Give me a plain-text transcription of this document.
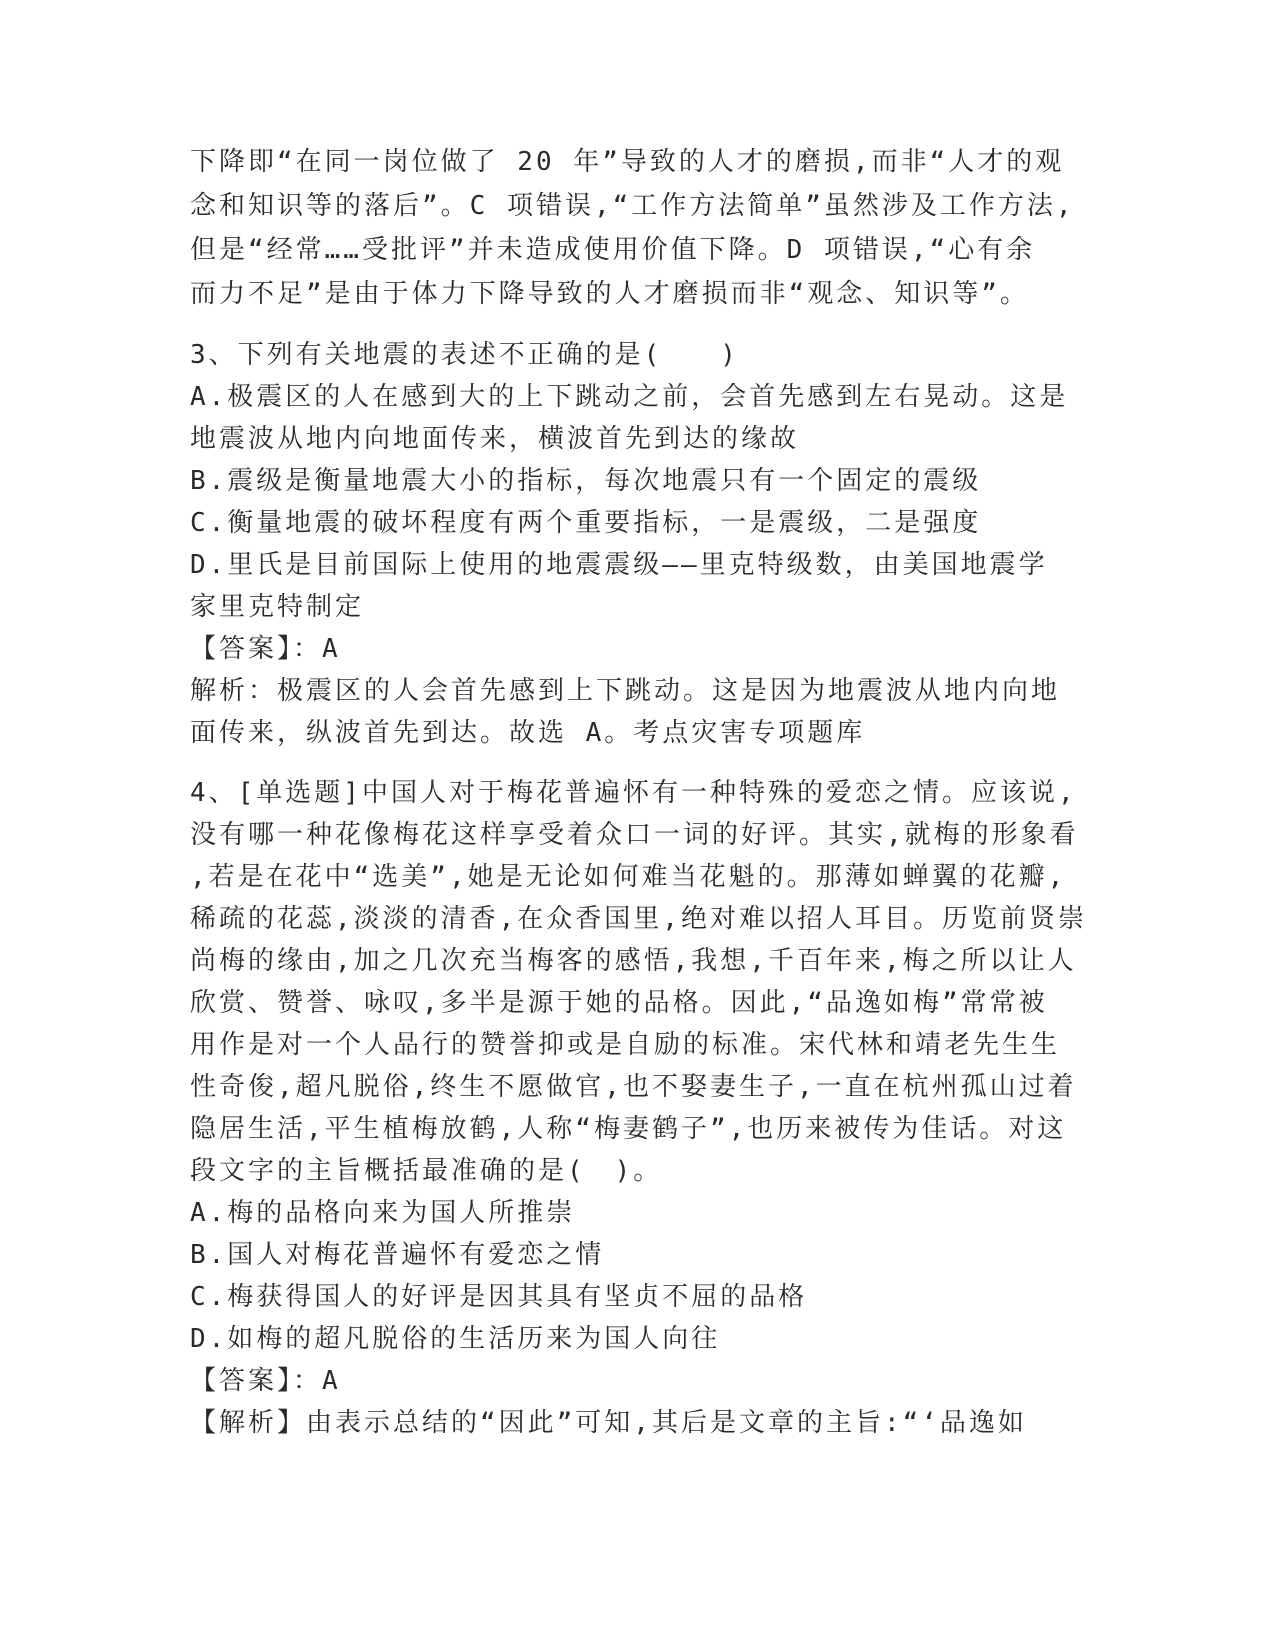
下降即“在同一岗位做了 20 年”导致的人才的磨损,而非“人才的观

念和知识等的落后”。C 项错误,“工作方法简单”虽然涉及工作方法,

但是“经常……受批评”并未造成使用价值下降。D 项错误,“心有余

而力不足”是由于体力下降导致的人才磨损而非“观念、知识等”。

3、下列有关地震的表述不正确的是(　　)

A.极震区的人在感到大的上下跳动之前，会首先感到左右晃动。这是

地震波从地内向地面传来，横波首先到达的缘故

B.震级是衡量地震大小的指标，每次地震只有一个固定的震级

C.衡量地震的破坏程度有两个重要指标，一是震级，二是强度

D.里氏是目前国际上使用的地震震级——里克特级数，由美国地震学

家里克特制定

【答案】：A

解析：极震区的人会首先感到上下跳动。这是因为地震波从地内向地

面传来，纵波首先到达。故选 A。考点灾害专项题库

4、[单选题]中国人对于梅花普遍怀有一种特殊的爱恋之情。应该说,

没有哪一种花像梅花这样享受着众口一词的好评。其实,就梅的形象看

,若是在花中“选美”,她是无论如何难当花魁的。那薄如蝉翼的花瓣,

稀疏的花蕊,淡淡的清香,在众香国里,绝对难以招人耳目。历览前贤崇

尚梅的缘由,加之几次充当梅客的感悟,我想,千百年来,梅之所以让人

欣赏、赞誉、咏叹,多半是源于她的品格。因此,“品逸如梅”常常被

用作是对一个人品行的赞誉抑或是自励的标准。宋代林和靖老先生生

性奇俊,超凡脱俗,终生不愿做官,也不娶妻生子,一直在杭州孤山过着

隐居生活,平生植梅放鹤,人称“梅妻鹤子”,也历来被传为佳话。对这

段文字的主旨概括最准确的是(　)。

A.梅的品格向来为国人所推崇

B.国人对梅花普遍怀有爱恋之情

C.梅获得国人的好评是因其具有坚贞不屈的品格

D.如梅的超凡脱俗的生活历来为国人向往

【答案】：A

【解析】由表示总结的“因此”可知,其后是文章的主旨:“‘品逸如
